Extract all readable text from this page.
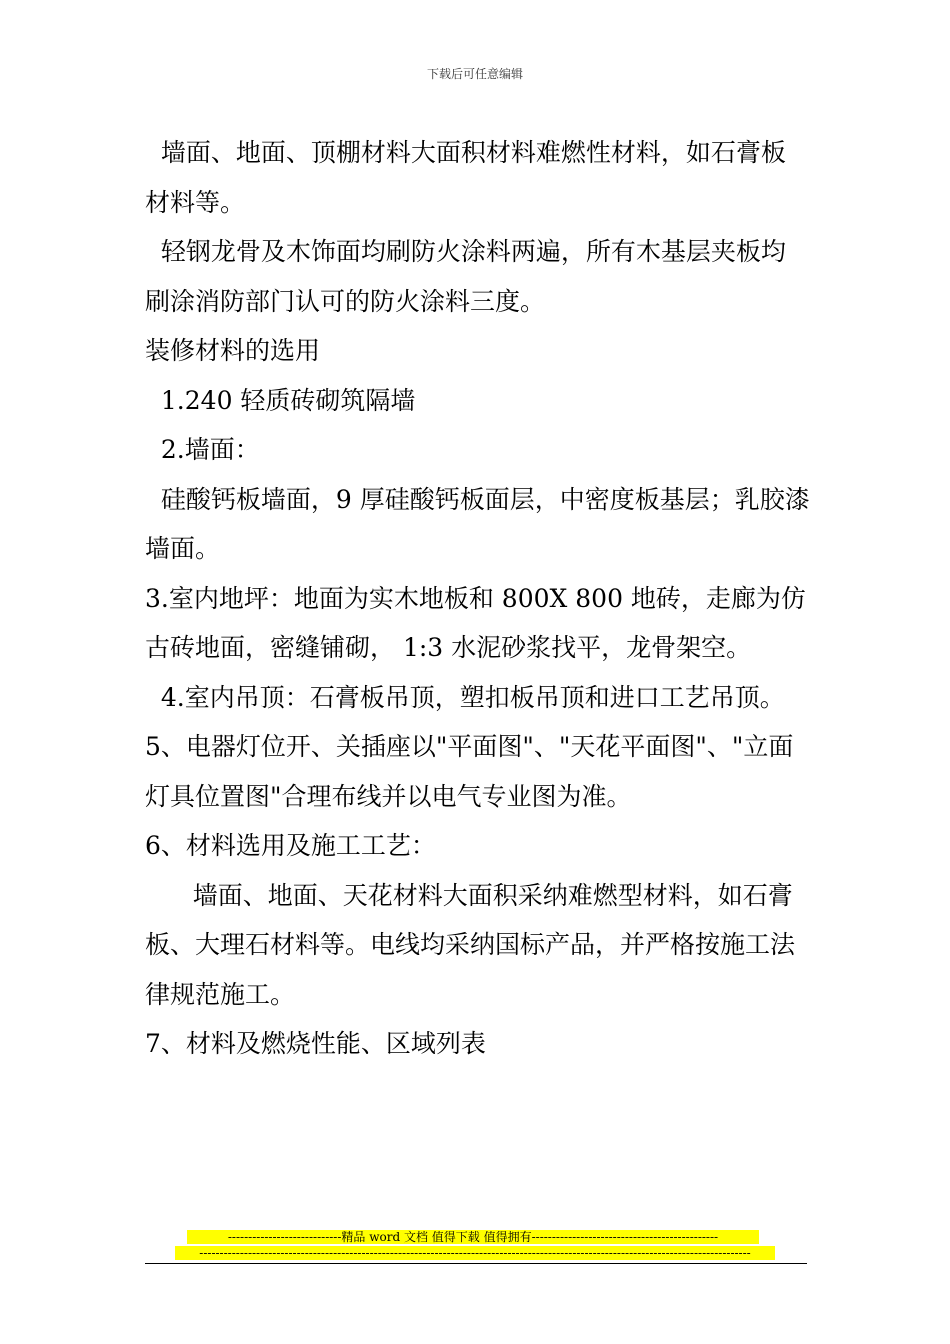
下载后可任意编辑

墙面、地面、顶棚材料大面积材料难燃性材料，如石膏板材料等。

轻钢龙骨及木饰面均刷防火涂料两遍，所有木基层夹板均刷涂消防部门认可的防火涂料三度。

装修材料的选用

1.240 轻质砖砌筑隔墙

2.墙面：

硅酸钙板墙面，9 厚硅酸钙板面层，中密度板基层；乳胶漆墙面。

3.室内地坪：地面为实木地板和 800X 800 地砖，走廊为仿古砖地面，密缝铺砌， 1:3 水泥砂浆找平，龙骨架空。

4.室内吊顶：石膏板吊顶，塑扣板吊顶和进口工艺吊顶。

5、电器灯位开、关插座以"平面图"、"天花平面图"、"立面灯具位置图"合理布线并以电气专业图为准。

6、材料选用及施工工艺：

墙面、地面、天花材料大面积采纳难燃型材料，如石膏板、大理石材料等。电线均采纳国标产品，并严格按施工法律规范施工。

7、材料及燃烧性能、区域列表

----------------------------精品 word 文档 值得下载 值得拥有----------------------------------------------
----------------------------------------------------------------------------------------------------------------------------------------
